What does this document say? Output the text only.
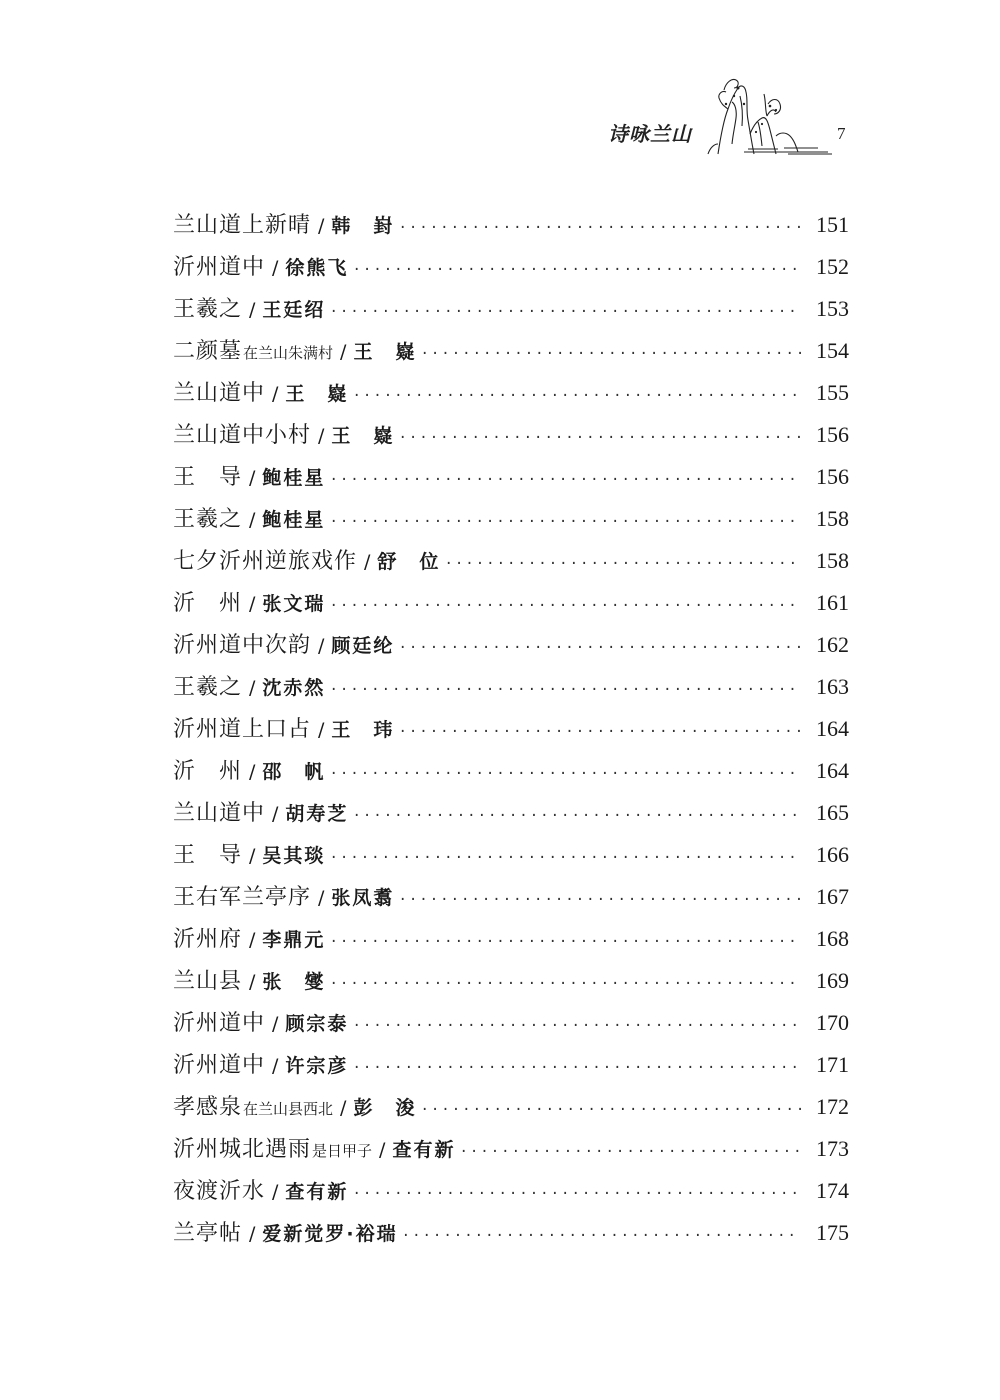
诗咏兰山	7
兰山道上新晴 / 韩　崶 ·····	151
沂州道中 / 徐熊飞 ·····	152
王羲之 / 王廷绍 ·····	153
二颜墓 在兰山朱满村 / 王　嶷 ·····	154
兰山道中 / 王　嶷 ·····	155
兰山道中小村 / 王　嶷 ·····	156
王　导 / 鲍桂星 ·····	156
王羲之 / 鲍桂星 ·····	158
七夕沂州逆旅戏作 / 舒　位 ·····	158
沂　州 / 张文瑞 ·····	161
沂州道中次韵 / 顾廷纶 ·····	162
王羲之 / 沈赤然 ·····	163
沂州道上口占 / 王　玮 ·····	164
沂　州 / 邵　帆 ·····	164
兰山道中 / 胡寿芝 ·····	165
王　导 / 吴其琰 ·····	166
王右军兰亭序 / 张凤翥 ·····	167
沂州府 / 李鼎元 ·····	168
兰山县 / 张　燮 ·····	169
沂州道中 / 顾宗泰 ·····	170
沂州道中 / 许宗彦 ·····	171
孝感泉 在兰山县西北 / 彭　浚 ·····	172
沂州城北遇雨 是日甲子 / 查有新 ·····	173
夜渡沂水 / 查有新 ·····	174
兰亭帖 / 爱新觉罗·裕瑞 ·····	175
